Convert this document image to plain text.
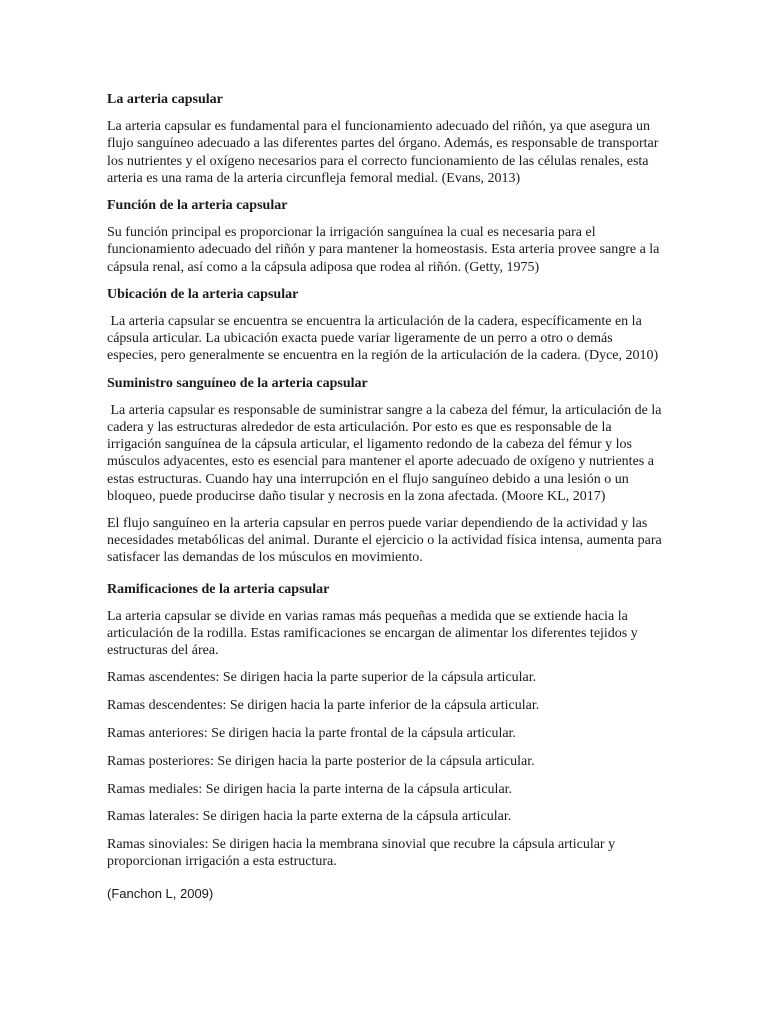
La arteria capsular
La arteria capsular es fundamental para el funcionamiento adecuado del riñón, ya que asegura un flujo sanguíneo adecuado a las diferentes partes del órgano. Además, es responsable de transportar los nutrientes y el oxígeno necesarios para el correcto funcionamiento de las células renales, esta arteria es una rama de la arteria circunfleja femoral medial. (Evans, 2013)
Función de la arteria capsular
Su función principal es proporcionar la irrigación sanguínea la cual es necesaria para el funcionamiento adecuado del riñón y para mantener la homeostasis. Esta arteria provee sangre a la cápsula renal, así como a la cápsula adiposa que rodea al riñón. (Getty, 1975)
Ubicación de la arteria capsular
La arteria capsular se encuentra se encuentra la articulación de la cadera, específicamente en la cápsula articular. La ubicación exacta puede variar ligeramente de un perro a otro o demás especies, pero generalmente se encuentra en la región de la articulación de la cadera. (Dyce, 2010)
Suministro sanguíneo de la arteria capsular
La arteria capsular es responsable de suministrar sangre a la cabeza del fémur, la articulación de la cadera y las estructuras alrededor de esta articulación. Por esto es que es responsable de la irrigación sanguínea de la cápsula articular, el ligamento redondo de la cabeza del fémur y los músculos adyacentes, esto es esencial para mantener el aporte adecuado de oxígeno y nutrientes a estas estructuras. Cuando hay una interrupción en el flujo sanguíneo debido a una lesión o un bloqueo, puede producirse daño tisular y necrosis en la zona afectada. (Moore KL, 2017)
El flujo sanguíneo en la arteria capsular en perros puede variar dependiendo de la actividad y las necesidades metabólicas del animal. Durante el ejercicio o la actividad física intensa, aumenta para satisfacer las demandas de los músculos en movimiento.
Ramificaciones de la arteria capsular
La arteria capsular se divide en varias ramas más pequeñas a medida que se extiende hacia la articulación de la rodilla. Estas ramificaciones se encargan de alimentar los diferentes tejidos y estructuras del área.
Ramas ascendentes: Se dirigen hacia la parte superior de la cápsula articular.
Ramas descendentes: Se dirigen hacia la parte inferior de la cápsula articular.
Ramas anteriores: Se dirigen hacia la parte frontal de la cápsula articular.
Ramas posteriores: Se dirigen hacia la parte posterior de la cápsula articular.
Ramas mediales: Se dirigen hacia la parte interna de la cápsula articular.
Ramas laterales: Se dirigen hacia la parte externa de la cápsula articular.
Ramas sinoviales: Se dirigen hacia la membrana sinovial que recubre la cápsula articular y proporcionan irrigación a esta estructura.
(Fanchon L, 2009)
